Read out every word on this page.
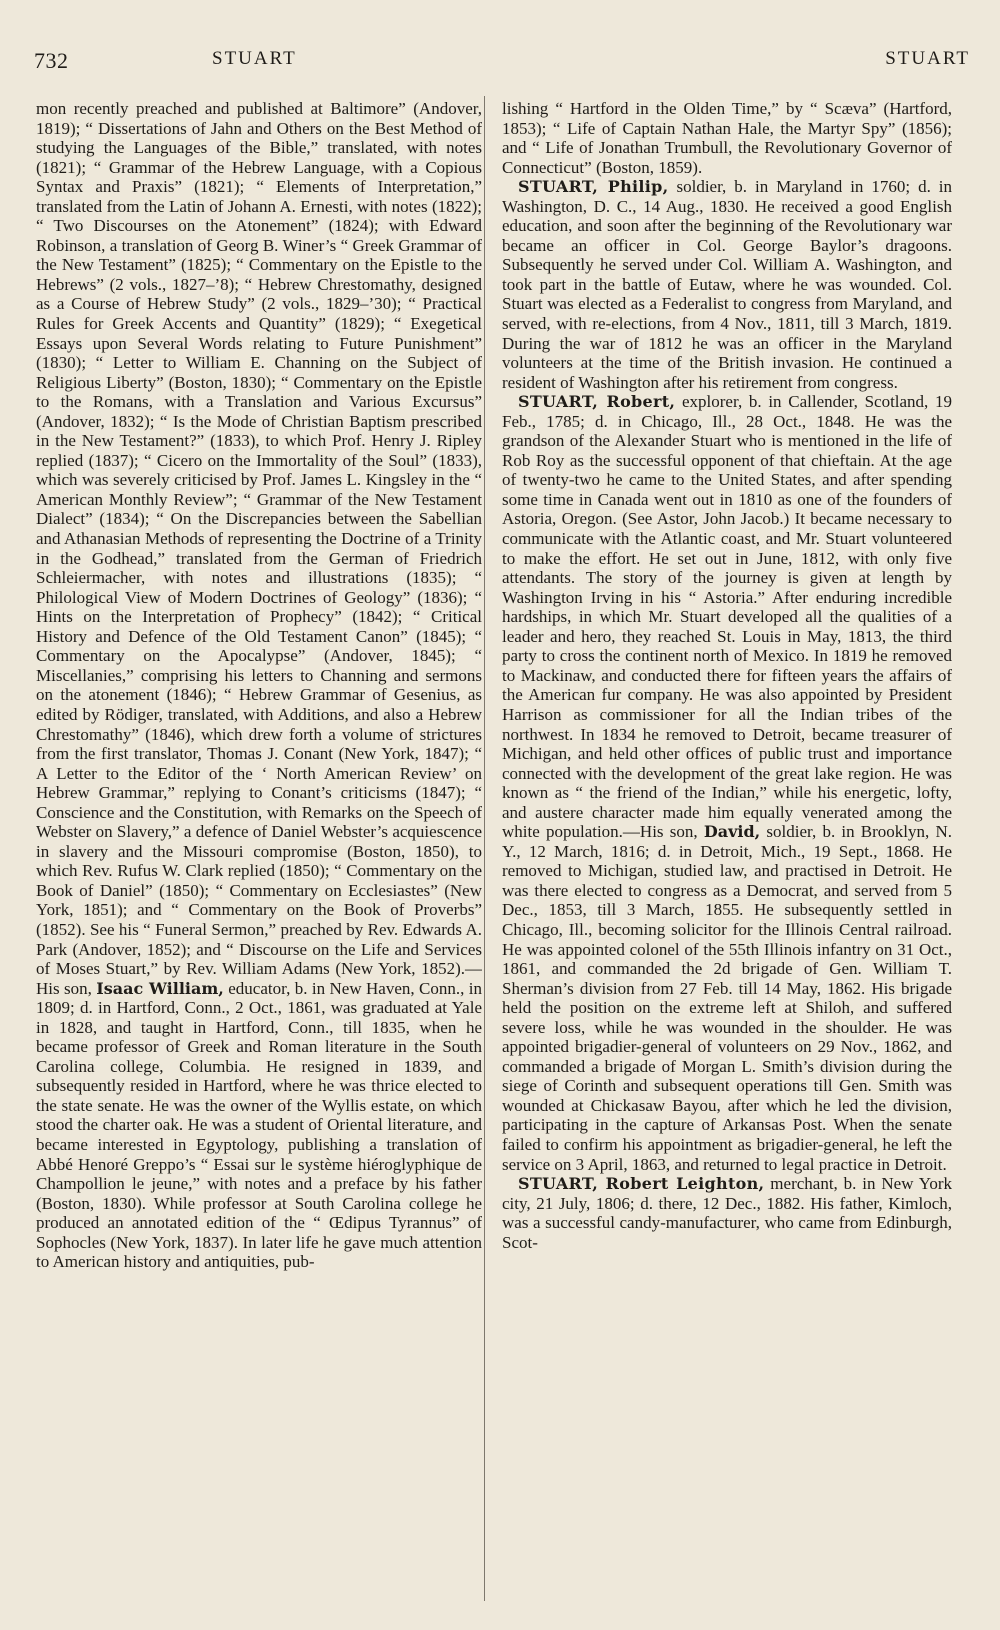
732	STUART	STUART

mon recently preached and published at Baltimore” (Andover, 1819); “ Dissertations of Jahn and Others on the Best Method of studying the Languages of the Bible,” translated, with notes (1821); “ Grammar of the Hebrew Language, with a Copious Syntax and Praxis” (1821); “ Elements of Interpretation,” translated from the Latin of Johann A. Ernesti, with notes (1822); “ Two Discourses on the Atonement” (1824); with Edward Robinson, a translation of Georg B. Winer’s “ Greek Grammar of the New Testament” (1825); “ Commentary on the Epistle to the Hebrews” (2 vols., 1827–’8); “ Hebrew Chrestomathy, designed as a Course of Hebrew Study” (2 vols., 1829–’30); “ Practical Rules for Greek Accents and Quantity” (1829); “ Exegetical Essays upon Several Words relating to Future Punishment” (1830); “ Letter to William E. Channing on the Subject of Religious Liberty” (Boston, 1830); “ Commentary on the Epistle to the Romans, with a Translation and Various Excursus” (Andover, 1832); “ Is the Mode of Christian Baptism prescribed in the New Testament?” (1833), to which Prof. Henry J. Ripley replied (1837); “ Cicero on the Immortality of the Soul” (1833), which was severely criticised by Prof. James L. Kingsley in the “ American Monthly Review”; “ Grammar of the New Testament Dialect” (1834); “ On the Discrepancies between the Sabellian and Athanasian Methods of representing the Doctrine of a Trinity in the Godhead,” translated from the German of Friedrich Schleiermacher, with notes and illustrations (1835); “ Philological View of Modern Doctrines of Geology” (1836); “ Hints on the Interpretation of Prophecy” (1842); “ Critical History and Defence of the Old Testament Canon” (1845); “ Commentary on the Apocalypse” (Andover, 1845); “ Miscellanies,” comprising his letters to Channing and sermons on the atonement (1846); “ Hebrew Grammar of Gesenius, as edited by Rödiger, translated, with Additions, and also a Hebrew Chrestomathy” (1846), which drew forth a volume of strictures from the first translator, Thomas J. Conant (New York, 1847); “ A Letter to the Editor of the ‘ North American Review’ on Hebrew Grammar,” replying to Conant’s criticisms (1847); “ Conscience and the Constitution, with Remarks on the Speech of Webster on Slavery,” a defence of Daniel Webster’s acquiescence in slavery and the Missouri compromise (Boston, 1850), to which Rev. Rufus W. Clark replied (1850); “ Commentary on the Book of Daniel” (1850); “ Commentary on Ecclesiastes” (New York, 1851); and “ Commentary on the Book of Proverbs” (1852). See his “ Funeral Sermon,” preached by Rev. Edwards A. Park (Andover, 1852); and “ Discourse on the Life and Services of Moses Stuart,” by Rev. William Adams (New York, 1852).—His son, Isaac William, educator, b. in New Haven, Conn., in 1809; d. in Hartford, Conn., 2 Oct., 1861, was graduated at Yale in 1828, and taught in Hartford, Conn., till 1835, when he became professor of Greek and Roman literature in the South Carolina college, Columbia. He resigned in 1839, and subsequently resided in Hartford, where he was thrice elected to the state senate. He was the owner of the Wyllis estate, on which stood the charter oak. He was a student of Oriental literature, and became interested in Egyptology, publishing a translation of Abbé Henoré Greppo’s “ Essai sur le système hiéroglyphique de Champollion le jeune,” with notes and a preface by his father (Boston, 1830). While professor at South Carolina college he produced an annotated edition of the “ Œdipus Tyrannus” of Sophocles (New York, 1837). In later life he gave much attention to American history and antiquities, pub-

lishing “ Hartford in the Olden Time,” by “ Scæva” (Hartford, 1853); “ Life of Captain Nathan Hale, the Martyr Spy” (1856); and “ Life of Jonathan Trumbull, the Revolutionary Governor of Connecticut” (Boston, 1859).

STUART, Philip, soldier, b. in Maryland in 1760; d. in Washington, D. C., 14 Aug., 1830. He received a good English education, and soon after the beginning of the Revolutionary war became an officer in Col. George Baylor’s dragoons. Subsequently he served under Col. William A. Washington, and took part in the battle of Eutaw, where he was wounded. Col. Stuart was elected as a Federalist to congress from Maryland, and served, with re-elections, from 4 Nov., 1811, till 3 March, 1819. During the war of 1812 he was an officer in the Maryland volunteers at the time of the British invasion. He continued a resident of Washington after his retirement from congress.

STUART, Robert, explorer, b. in Callender, Scotland, 19 Feb., 1785; d. in Chicago, Ill., 28 Oct., 1848. He was the grandson of the Alexander Stuart who is mentioned in the life of Rob Roy as the successful opponent of that chieftain. At the age of twenty-two he came to the United States, and after spending some time in Canada went out in 1810 as one of the founders of Astoria, Oregon. (See Astor, John Jacob.) It became necessary to communicate with the Atlantic coast, and Mr. Stuart volunteered to make the effort. He set out in June, 1812, with only five attendants. The story of the journey is given at length by Washington Irving in his “ Astoria.” After enduring incredible hardships, in which Mr. Stuart developed all the qualities of a leader and hero, they reached St. Louis in May, 1813, the third party to cross the continent north of Mexico. In 1819 he removed to Mackinaw, and conducted there for fifteen years the affairs of the American fur company. He was also appointed by President Harrison as commissioner for all the Indian tribes of the northwest. In 1834 he removed to Detroit, became treasurer of Michigan, and held other offices of public trust and importance connected with the development of the great lake region. He was known as “ the friend of the Indian,” while his energetic, lofty, and austere character made him equally venerated among the white population.—His son, David, soldier, b. in Brooklyn, N. Y., 12 March, 1816; d. in Detroit, Mich., 19 Sept., 1868. He removed to Michigan, studied law, and practised in Detroit. He was there elected to congress as a Democrat, and served from 5 Dec., 1853, till 3 March, 1855. He subsequently settled in Chicago, Ill., becoming solicitor for the Illinois Central railroad. He was appointed colonel of the 55th Illinois infantry on 31 Oct., 1861, and commanded the 2d brigade of Gen. William T. Sherman’s division from 27 Feb. till 14 May, 1862. His brigade held the position on the extreme left at Shiloh, and suffered severe loss, while he was wounded in the shoulder. He was appointed brigadier-general of volunteers on 29 Nov., 1862, and commanded a brigade of Morgan L. Smith’s division during the siege of Corinth and subsequent operations till Gen. Smith was wounded at Chickasaw Bayou, after which he led the division, participating in the capture of Arkansas Post. When the senate failed to confirm his appointment as brigadier-general, he left the service on 3 April, 1863, and returned to legal practice in Detroit.

STUART, Robert Leighton, merchant, b. in New York city, 21 July, 1806; d. there, 12 Dec., 1882. His father, Kimloch, was a successful candy-manufacturer, who came from Edinburgh, Scot-
